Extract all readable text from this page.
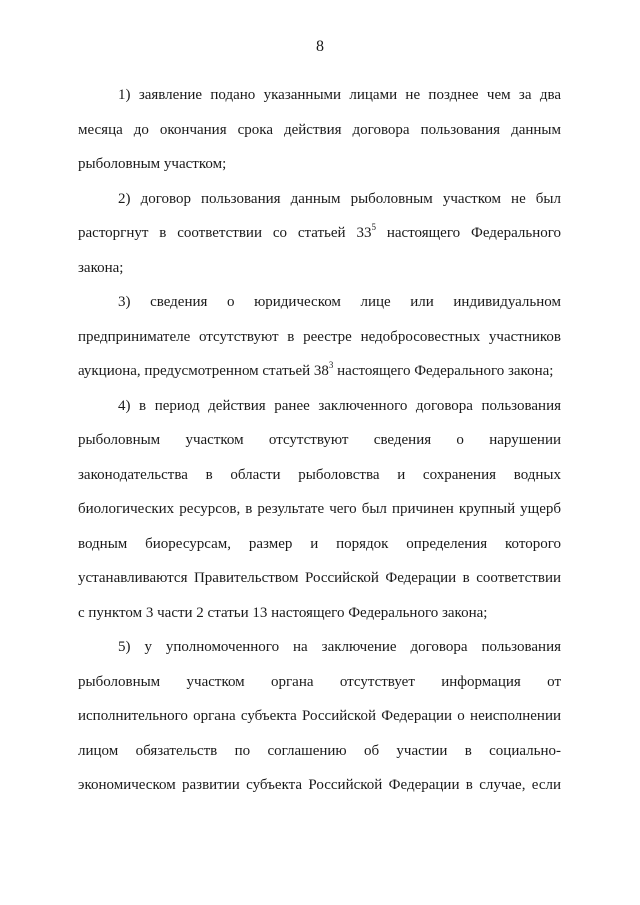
8
1) заявление подано указанными лицами не позднее чем за два
месяца до окончания срока действия договора пользования данным
рыболовным участком;
2) договор пользования данным рыболовным участком не был
расторгнут в соответствии со статьей $33^5$ настоящего Федерального
закона;
3) сведения о юридическом лице или индивидуальном
предпринимателе отсутствуют в реестре недобросовестных участников
аукциона, предусмотренном статьей $38^3$ настоящего Федерального закона;
4) в период действия ранее заключенного договора пользования
рыболовным участком отсутствуют сведения о нарушении
законодательства в области рыболовства и сохранения водных
биологических ресурсов, в результате чего был причинен крупный ущерб
водным биоресурсам, размер и порядок определения которого
устанавливаются Правительством Российской Федерации в соответствии
с пунктом 3 части 2 статьи 13 настоящего Федерального закона;
5) у уполномоченного на заключение договора пользования
рыболовным участком органа отсутствует информация от
исполнительного органа субъекта Российской Федерации о неисполнении
лицом обязательств по соглашению об участии в социально-
экономическом развитии субъекта Российской Федерации в случае, если
